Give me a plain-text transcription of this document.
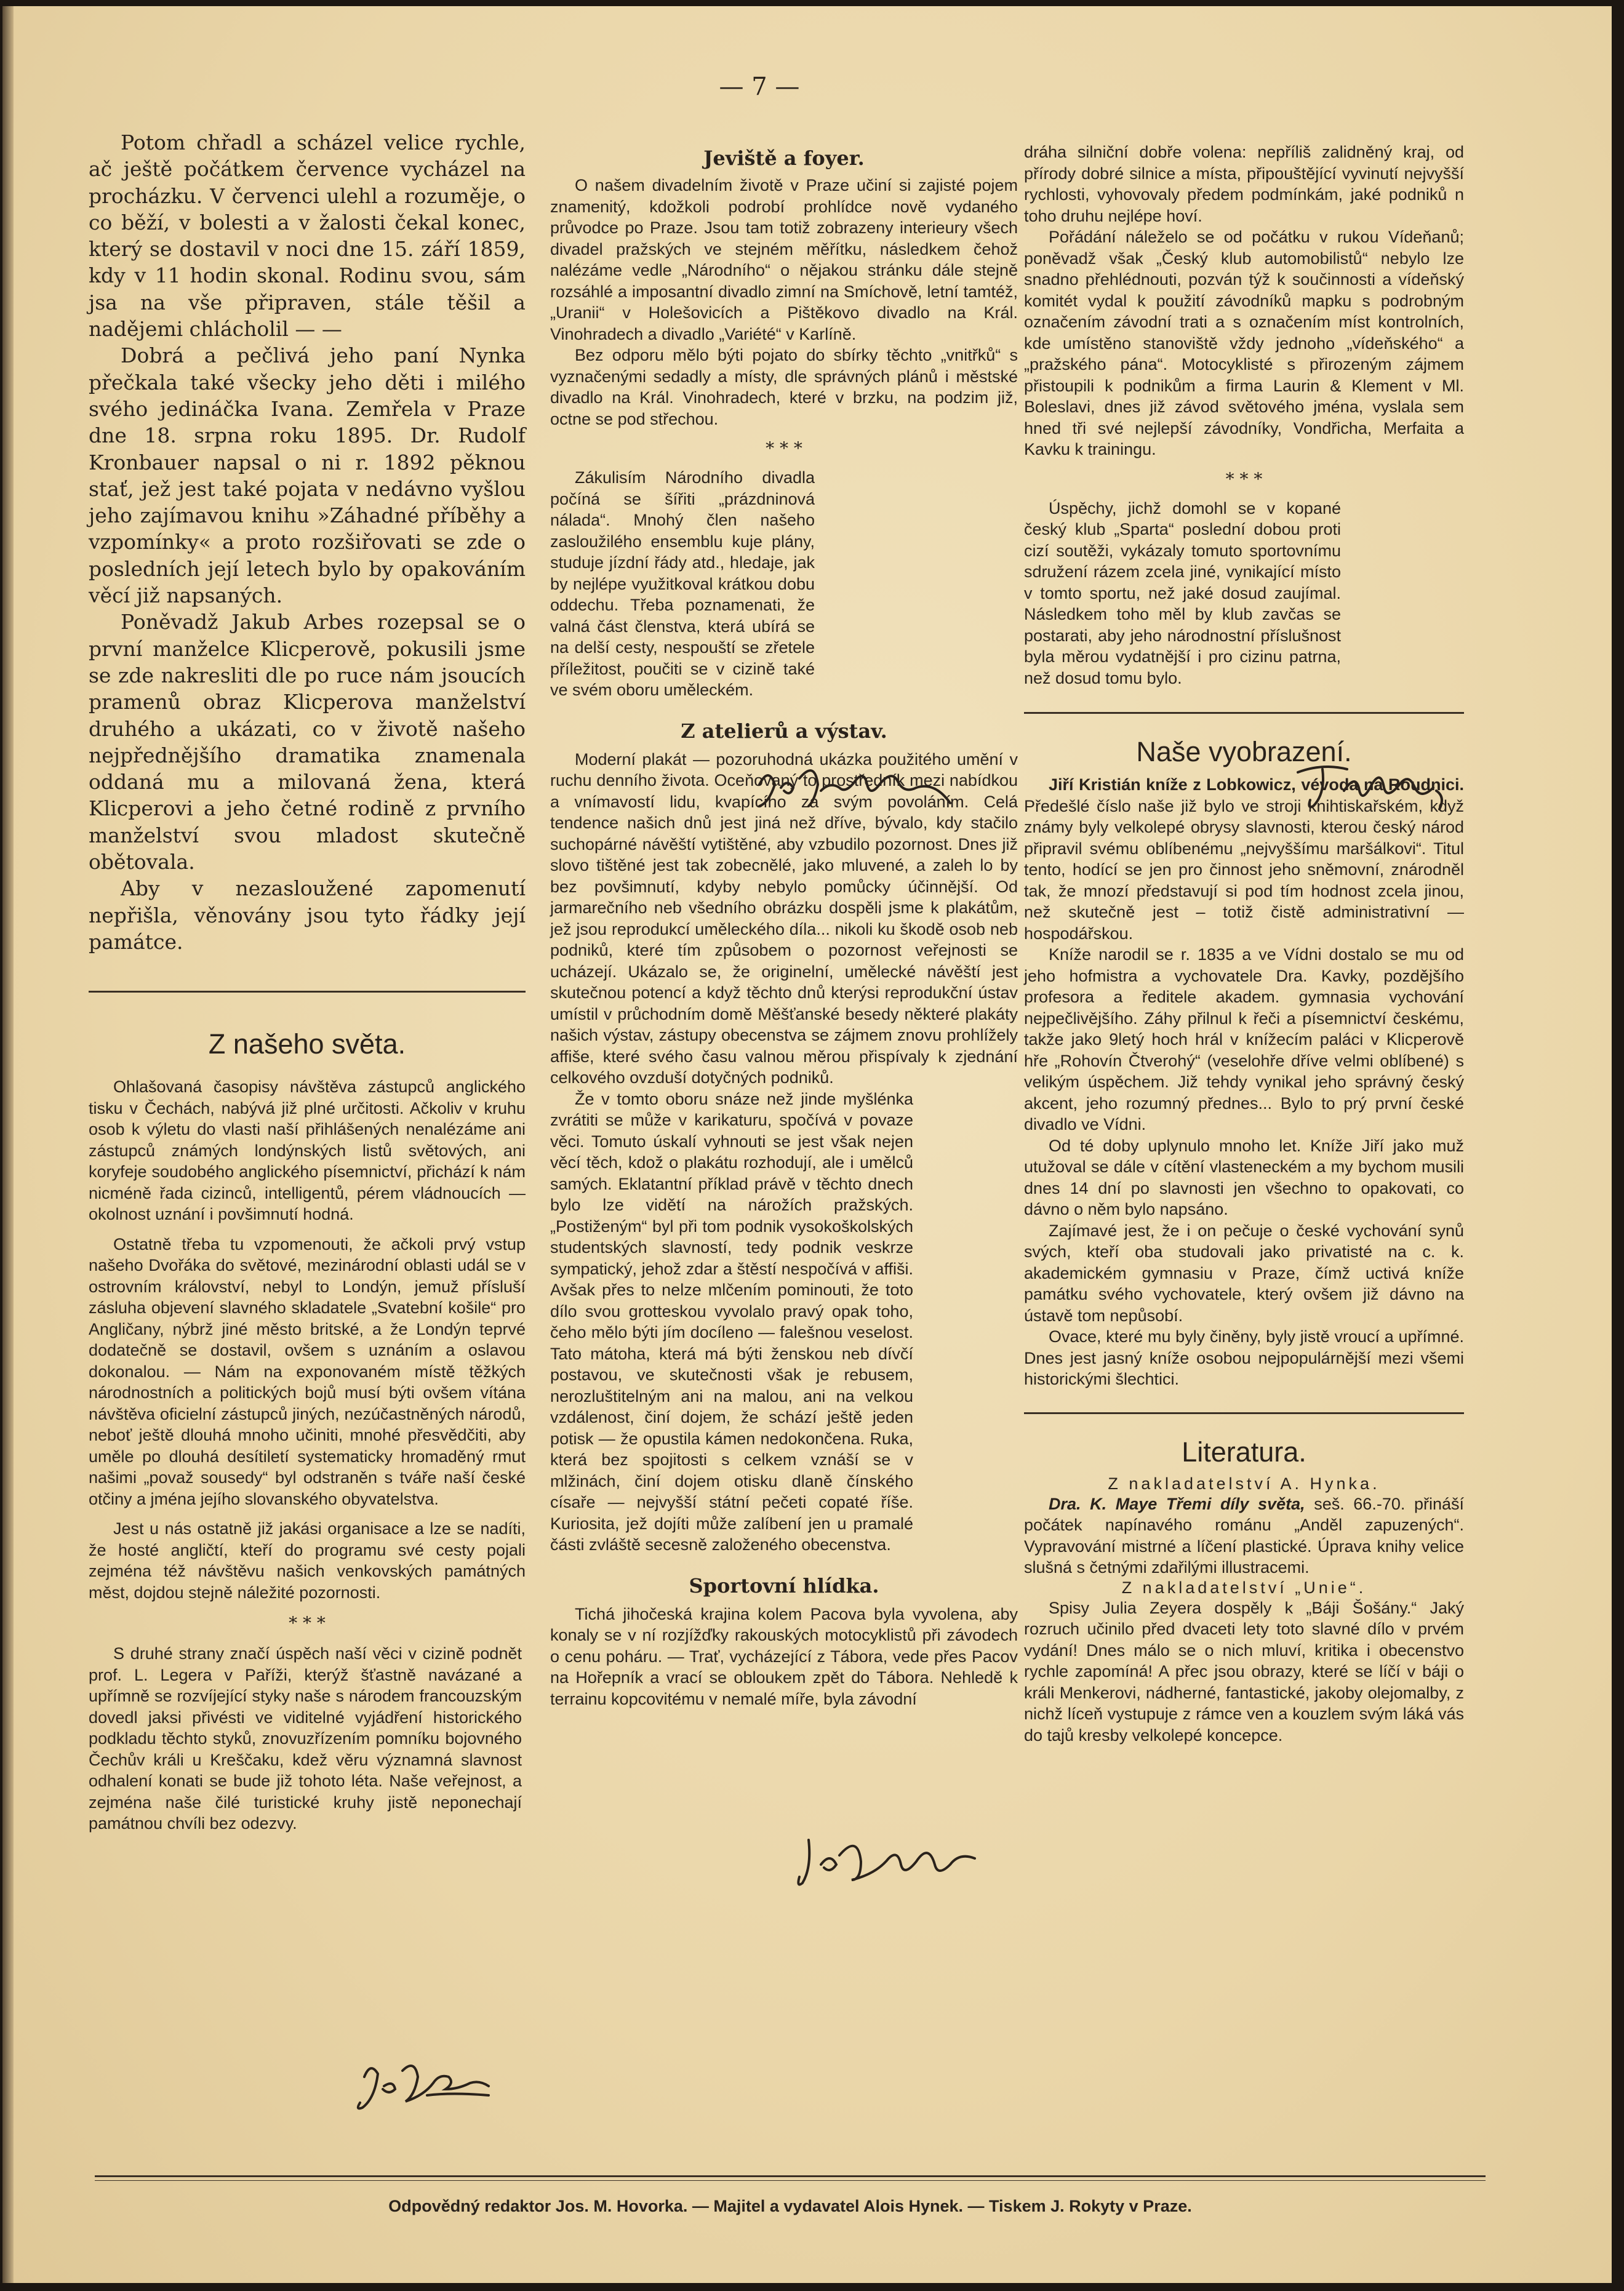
— 7 —

Potom chřadl a scházel velice rychle, ač ještě počátkem července vycházel na procházku. V červenci ulehl a rozuměje, o co běží, v bolesti a v žalosti čekal konec, který se dostavil v noci dne 15. září 1859, kdy v 11 hodin skonal. Rodinu svou, sám jsa na vše připraven, stále těšil a nadějemi chlácholil — —

Dobrá a pečlivá jeho paní Nynka přečkala také všecky jeho děti i milého svého jedináčka Ivana. Zemřela v Praze dne 18. srpna roku 1895. Dr. Rudolf Kronbauer napsal o ni r. 1892 pěknou stať, jež jest také pojata v nedávno vyšlou jeho zajímavou knihu »Záhadné příběhy a vzpomínky« a proto rozšiřovati se zde o posledních její letech bylo by opakováním věcí již napsaných.

Poněvadž Jakub Arbes rozepsal se o první manželce Klicperově, pokusili jsme se zde nakresliti dle po ruce nám jsoucích pramenů obraz Klicperova manželství druhého a ukázati, co v životě našeho nejpřednějšího dramatika znamenala oddaná mu a milovaná žena, která Klicperovi a jeho četné rodině z prvního manželství svou mladost skutečně obětovala.

Aby v nezasloužené zapomenutí nepřišla, věnovány jsou tyto řádky její památce.

Z našeho světa.

Ohlašovaná časopisy návštěva zástupců anglického tisku v Čechách, nabývá již plné určitosti. Ačkoliv v kruhu osob k výletu do vlasti naší přihlášených nenalézáme ani zástupců známých londýnských listů světových, ani koryfeje soudobého anglického písemnictví, přichází k nám nicméně řada cizinců, intelligentů, pérem vládnoucích — okolnost uznání i povšimnutí hodná.

Ostatně třeba tu vzpomenouti, že ačkoli prvý vstup našeho Dvořáka do světové, mezinárodní oblasti udál se v ostrovním království, nebyl to Londýn, jemuž přísluší zásluha objevení slavného skladatele „Svatební košile“ pro Angličany, nýbrž jiné město britské, a že Londýn teprvé dodatečně se dostavil, ovšem s uznáním a oslavou dokonalou. — Nám na exponovaném místě těžkých národnostních a politických bojů musí býti ovšem vítána návštěva oficielní zástupců jiných, nezúčastněných národů, neboť ještě dlouhá mnoho učiniti, mnohé přesvědčiti, aby uměle po dlouhá desítiletí systematicky hromaděný rmut našimi „považ sousedy“ byl odstraněn s tváře naší české otčiny a jména jejího slovanského obyvatelstva.

Jest u nás ostatně již jakási organisace a lze se nadíti, že hosté angličtí, kteří do programu své cesty pojali zejména též návštěvu našich venkovských památných měst, dojdou stejně náležité pozornosti.

* * *

S druhé strany značí úspěch naší věci v cizině podnět prof. L. Legera v Paříži, kterýž šťastně navázané a upřímně se rozvíjející styky naše s národem francouzským dovedl jaksi přivésti ve viditelné vyjádření historického podkladu těchto styků, znovuzřízením pomníku bojovného Čechův králi u Kreščaku, kdež věru významná slavnost odhalení konati se bude již tohoto léta. Naše veřejnost, a zejména naše čilé turistické kruhy jistě neponechají památnou chvíli bez odezvy.

Jeviště a foyer.

O našem divadelním životě v Praze učiní si zajisté pojem znamenitý, kdožkoli podrobí prohlídce nově vydaného průvodce po Praze. Jsou tam totiž zobrazeny interieury všech divadel pražských ve stejném měřítku, následkem čehož nalézáme vedle „Národního“ o nějakou stránku dále stejně rozsáhlé a imposantní divadlo zimní na Smíchově, letní tamtéž, „Uranii“ v Holešovicích a Pištěkovo divadlo na Král. Vinohradech a divadlo „Variété“ v Karlíně.

Bez odporu mělo býti pojato do sbírky těchto „vnitřků“ s vyznačenými sedadly a místy, dle správných plánů i městské divadlo na Král. Vinohradech, které v brzku, na podzim již, octne se pod střechou.

* * *

Zákulisím Národního divadla počíná se šířiti „prázdninová nálada“. Mnohý člen našeho zasloužilého ensemblu kuje plány, studuje jízdní řády atd., hledaje, jak by nejlépe využitkoval krátkou dobu oddechu. Třeba poznamenati, že valná část členstva, která ubírá se na delší cesty, nespouští se zřetele příležitost, poučiti se v cizině také ve svém oboru uměleckém.

Z atelierů a výstav.

Moderní plakát — pozoruhodná ukázka použitého umění v ruchu denního života. Oceňovaný to prostředník mezi nabídkou a vnímavostí lidu, kvapícího za svým povoláním. Celá tendence našich dnů jest jiná než dříve, bývalo, kdy stačilo suchopárné návěští vytištěné, aby vzbudilo pozornost. Dnes již slovo tištěné jest tak zobecnělé, jako mluvené, a zaleh lo by bez povšimnutí, kdyby nebylo pomůcky účinnější. Od jarmarečního neb všedního obrázku dospěli jsme k plakátům, jež jsou reprodukcí uměleckého díla... nikoli ku škodě osob neb podniků, které tím způsobem o pozornost veřejnosti se ucházejí. Ukázalo se, že originelní, umělecké návěští jest skutečnou potencí a když těchto dnů kterýsi reprodukční ústav umístil v průchodním domě Měšťanské besedy některé plakáty našich výstav, zástupy obecenstva se zájmem znovu prohlížely affiše, které svého času valnou měrou přispívaly k zjednání celkového ovzduší dotyčných podniků.

Že v tomto oboru snáze než jinde myšlénka zvrátiti se může v karikaturu, spočívá v povaze věci. Tomuto úskalí vyhnouti se jest však nejen věcí těch, kdož o plakátu rozhodují, ale i umělců samých. Eklatantní příklad právě v těchto dnech bylo lze vidětí na nárožích pražských. „Postiženým“ byl při tom podnik vysokoškolských studentských slavností, tedy podnik veskrze sympatický, jehož zdar a štěstí nespočívá v affiši. Avšak přes to nelze mlčením pominouti, že toto dílo svou grotteskou vyvolalo pravý opak toho, čeho mělo býti jím docíleno — falešnou veselost. Tato mátoha, která má býti ženskou neb dívčí postavou, ve skutečnosti však je rebusem, nerozluštitelným ani na malou, ani na velkou vzdálenost, činí dojem, že schází ještě jeden potisk — že opustila kámen nedokončena. Ruka, která bez spojitosti s celkem vznáší se v mlžinách, činí dojem otisku dlaně čínského císaře — nejvyšší státní pečeti copaté říše. Kuriosita, jež dojíti může zalíbení jen u pramalé části zvláště secesně založeného obecenstva.

Sportovní hlídka.

Tichá jihočeská krajina kolem Pacova byla vyvolena, aby konaly se v ní rozjížďky rakouských motocyklistů při závodech o cenu poháru. — Trať, vycházející z Tábora, vede přes Pacov na Hořepník a vrací se obloukem zpět do Tábora. Nehledě k terrainu kopcovitému v nemalé míře, byla závodní

dráha silniční dobře volena: nepříliš zalidněný kraj, od přírody dobré silnice a místa, připouštějící vyvinutí nejvyšší rychlosti, vyhovovaly předem podmínkám, jaké podniků n toho druhu nejlépe hoví.

Pořádání náleželo se od počátku v rukou Vídeňanů; poněvadž však „Český klub automobilistů“ nebylo lze snadno přehlédnouti, pozván týž k součinnosti a vídeňský komitét vydal k použití závodníků mapku s podrobným označením závodní trati a s označením míst kontrolních, kde umístěno stanoviště vždy jednoho „vídeňského“ a „pražského pána“. Motocyklisté s přirozeným zájmem přistoupili k podnikům a firma Laurin & Klement v Ml. Boleslavi, dnes již závod světového jména, vyslala sem hned tři své nejlepší závodníky, Vondřicha, Merfaita a Kavku k trainingu.

* * *

Úspěchy, jichž domohl se v kopané český klub „Sparta“ poslední dobou proti cizí soutěži, vykázaly tomuto sportovnímu sdružení rázem zcela jiné, vynikající místo v tomto sportu, než jaké dosud zaujímal. Následkem toho měl by klub zavčas se postarati, aby jeho národnostní příslušnost byla měrou vydatnější i pro cizinu patrna, než dosud tomu bylo.

Naše vyobrazení.

Jiří Kristián kníže z Lobkowicz, vévoda na Roudnici. Předešlé číslo naše již bylo ve stroji knihtiskařském, když známy byly velkolepé obrysy slavnosti, kterou český národ připravil svému oblíbenému „nejvyššímu maršálkovi“. Titul tento, hodící se jen pro činnost jeho sněmovní, znárodněl tak, že mnozí představují si pod tím hodnost zcela jinou, než skutečně jest – totiž čistě administrativní — hospodářskou.

Kníže narodil se r. 1835 a ve Vídni dostalo se mu od jeho hofmistra a vychovatele Dra. Kavky, pozdějšího profesora a ředitele akadem. gymnasia vychování nejpečlivějšího. Záhy přilnul k řeči a písemnictví českému, takže jako 9letý hoch hrál v knížecím paláci v Klicperově hře „Rohovín Čtverohý“ (veselohře dříve velmi oblíbené) s velikým úspěchem. Již tehdy vynikal jeho správný český akcent, jeho rozumný přednes... Bylo to prý první české divadlo ve Vídni.

Od té doby uplynulo mnoho let. Kníže Jiří jako muž utužoval se dále v cítění vlasteneckém a my bychom musili dnes 14 dní po slavnosti jen všechno to opakovati, co dávno o něm bylo napsáno.

Zajímavé jest, že i on pečuje o české vychování synů svých, kteří oba studovali jako privatisté na c. k. akademickém gymnasiu v Praze, čímž uctivá kníže památku svého vychovatele, který ovšem již dávno na ústavě tom nepůsobí.

Ovace, které mu byly činěny, byly jistě vroucí a upřímné. Dnes jest jasný kníže osobou nejpopulárnější mezi všemi historickými šlechtici.

Literatura.

Z nakladatelství A. Hynka.

Dra. K. Maye Třemi díly světa, seš. 66.-70. přináší počátek napínavého románu „Anděl zapuzených“. Vypravování mistrné a líčení plastické. Úprava knihy velice slušná s četnými zdařilými illustracemi.

Z nakladatelství „Unie“.

Spisy Julia Zeyera dospěly k „Báji Šošány.“ Jaký rozruch učinilo před dvaceti lety toto slavné dílo v prvém vydání! Dnes málo se o nich mluví, kritika i obecenstvo rychle zapomíná! A přec jsou obrazy, které se líčí v báji o králi Menkerovi, nádherné, fantastické, jakoby olejomalby, z nichž líceň vystupuje z rámce ven a kouzlem svým láká vás do tajů kresby velkolepé koncepce.

Odpovědný redaktor Jos. M. Hovorka. — Majitel a vydavatel Alois Hynek. — Tiskem J. Rokyty v Praze.
